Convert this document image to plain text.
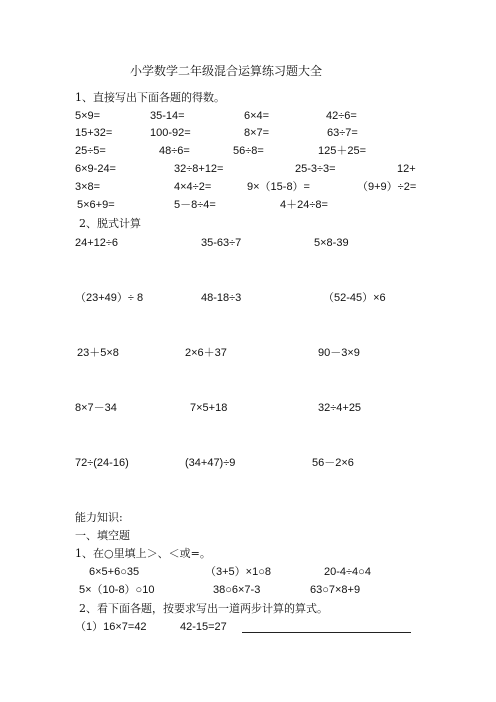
小学数学二年级混合运算练习题大全
1、直接写出下面各题的得数。
5×9=	35-14=	6×4=	42÷6=
15+32=	100-92=	8×7=	63÷7=
25÷5=	48÷6=	56÷8=	125＋25=
6×9-24=	32÷8+12=	25-3÷3=	12+
3×8=	4×4÷2=	9×（15-8）=	（9+9）÷2=
5×6+9=	5－8÷4=	4＋24÷8=
2、脱式计算
24+12÷6	35-63÷7	5×8-39
（23+49）÷ 8	48-18÷3	（52-45）×6
23＋5×8	2×6＋37	90－3×9
8×7－34	7×5+18	32÷4+25
72÷(24-16)	(34+47)÷9	56－2×6
能力知识:
一、填空题
1、在○里填上＞、＜或=。
6×5+6○35	（3+5）×1○8	20-4÷4○4
5×（10-8）○10	38○6×7-3	63○7×8+9
2、看下面各题，按要求写出一道两步计算的算式。
（1）16×7=42	42-15=27
